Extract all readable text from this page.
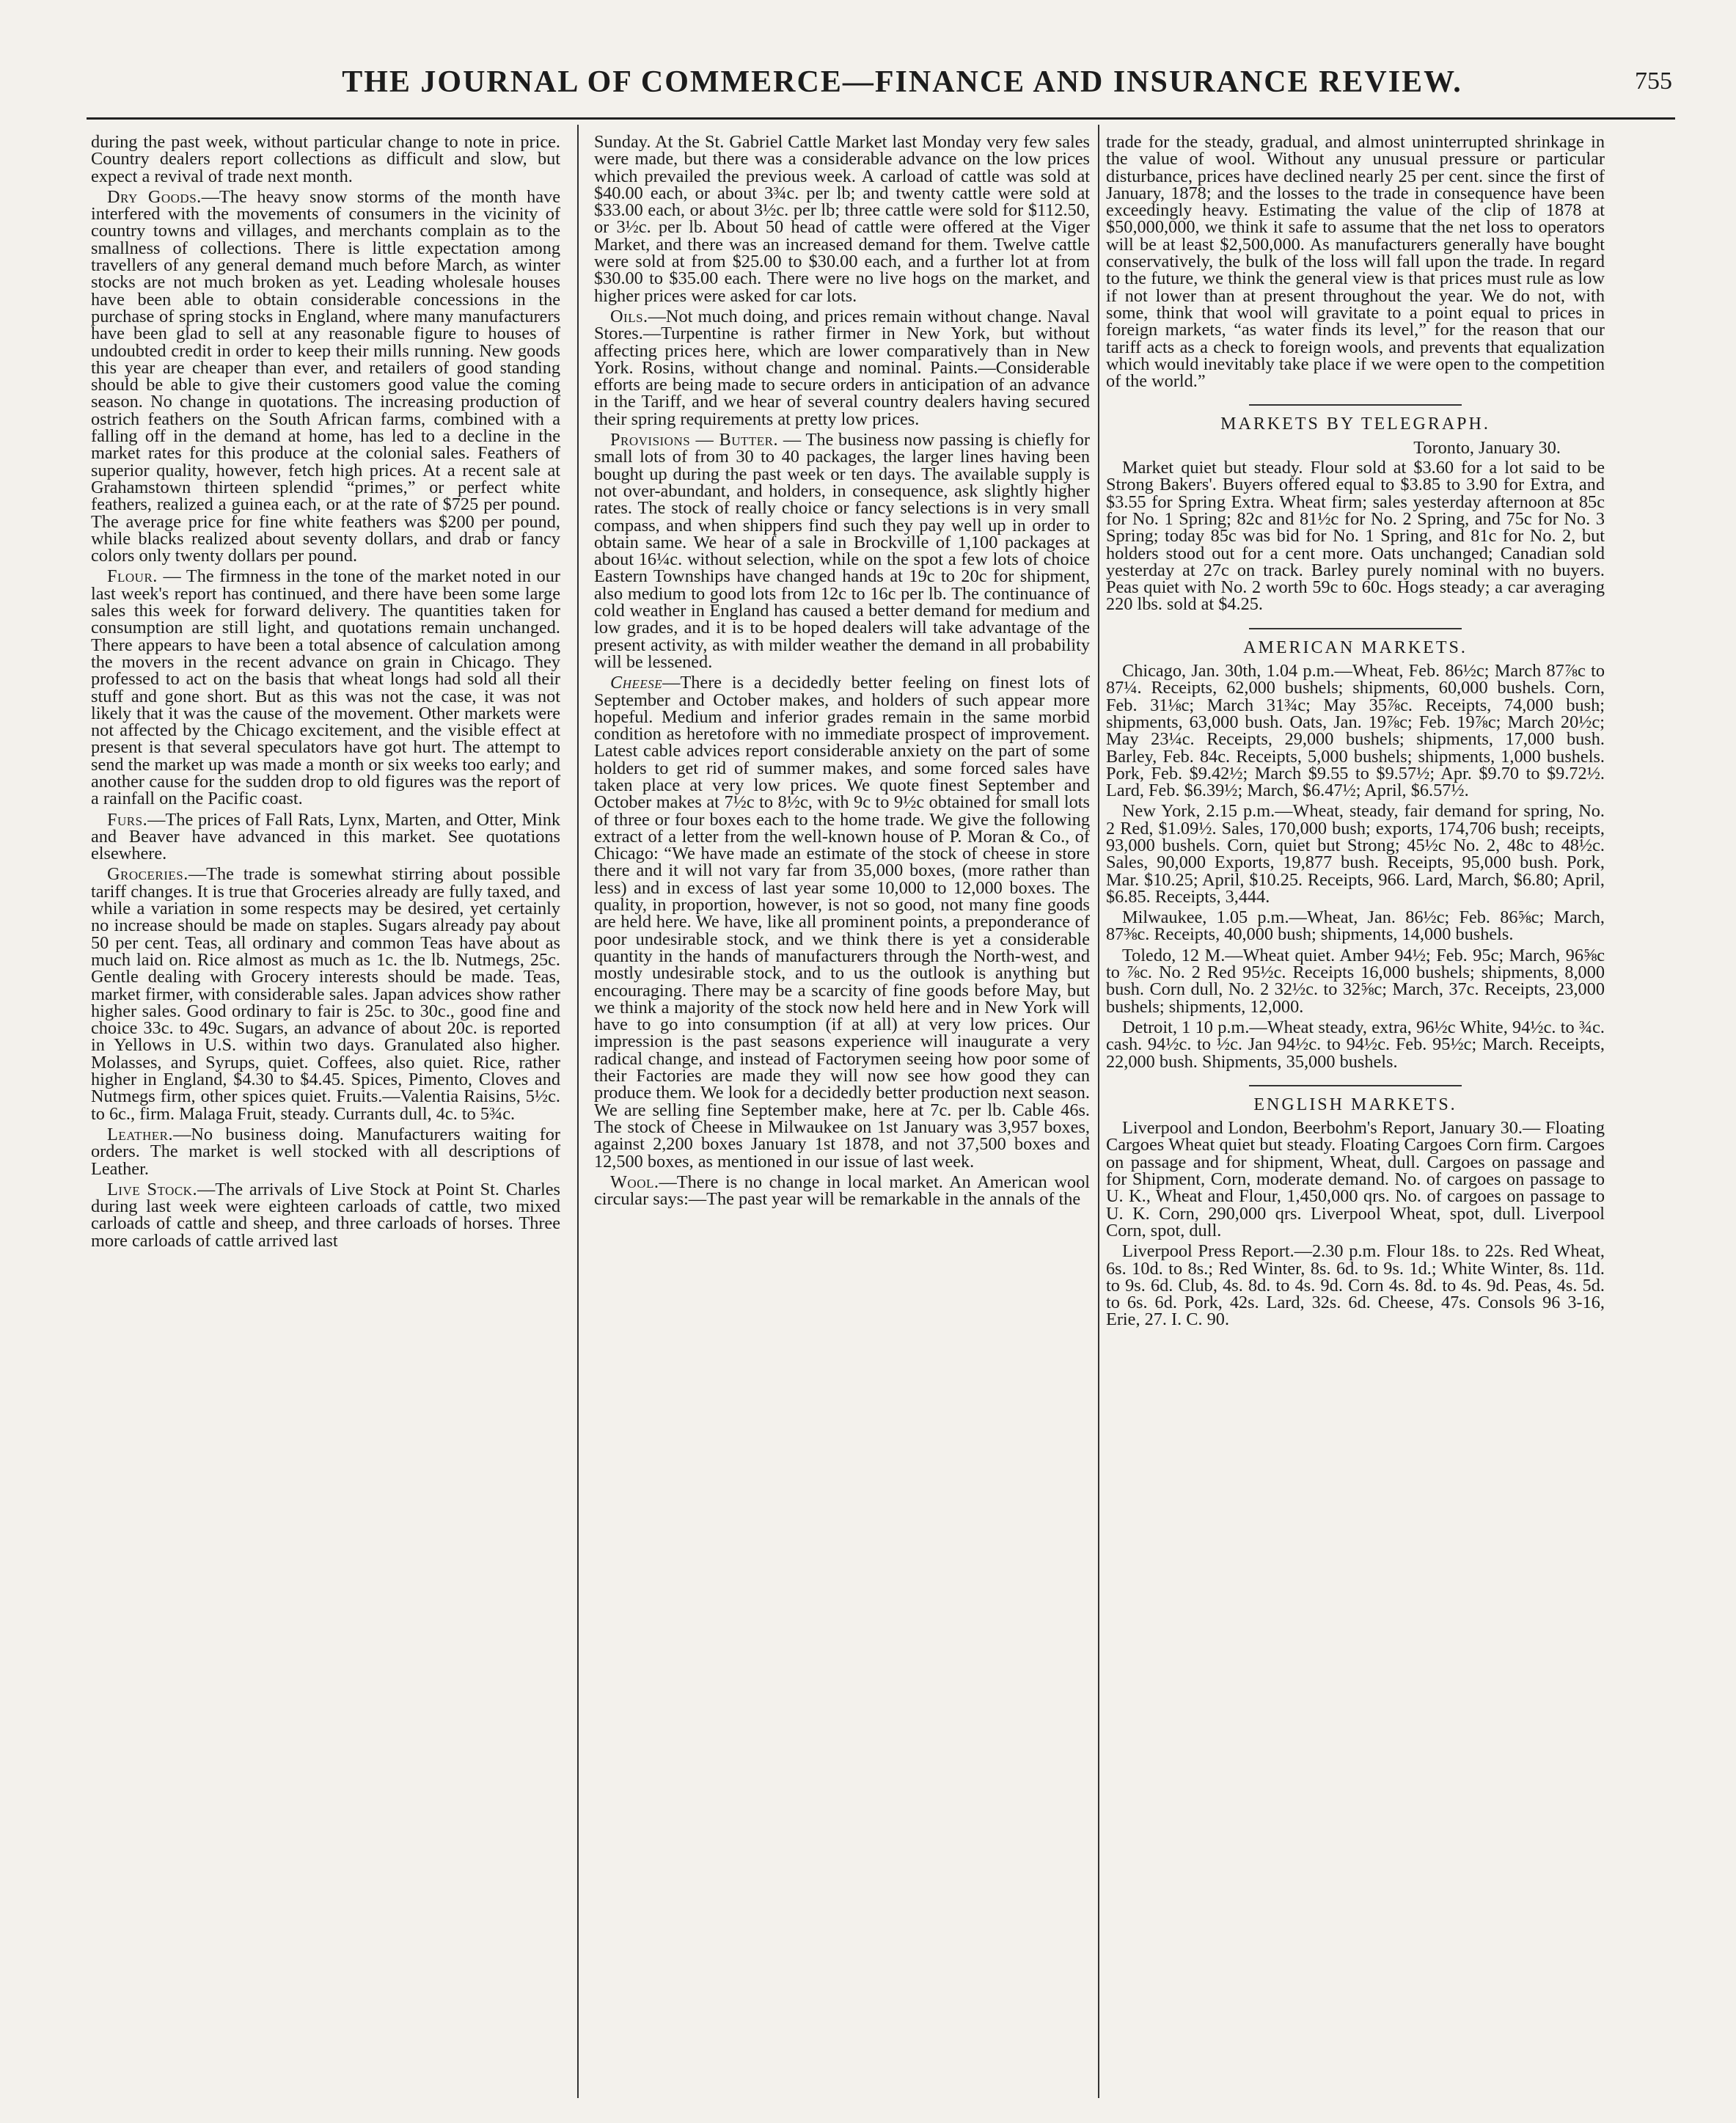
THE JOURNAL OF COMMERCE—FINANCE AND INSURANCE REVIEW.	755

during the past week, without particular change to note in price. Country dealers report collections as difficult and slow, but expect a revival of trade next month.

Dry Goods.—The heavy snow storms of the month have interfered with the movements of consumers in the vicinity of country towns and villages, and merchants complain as to the smallness of collections. There is little expectation among travellers of any general demand much before March, as winter stocks are not much broken as yet. Leading wholesale houses have been able to obtain considerable concessions in the purchase of spring stocks in England, where many manufacturers have been glad to sell at any reasonable figure to houses of undoubted credit in order to keep their mills running. New goods this year are cheaper than ever, and retailers of good standing should be able to give their customers good value the coming season. No change in quotations. The increasing production of ostrich feathers on the South African farms, combined with a falling off in the demand at home, has led to a decline in the market rates for this produce at the colonial sales. Feathers of superior quality, however, fetch high prices. At a recent sale at Grahamstown thirteen splendid “primes,” or perfect white feathers, realized a guinea each, or at the rate of $725 per pound. The average price for fine white feathers was $200 per pound, while blacks realized about seventy dollars, and drab or fancy colors only twenty dollars per pound.

Flour. — The firmness in the tone of the market noted in our last week's report has continued, and there have been some large sales this week for forward delivery. The quantities taken for consumption are still light, and quotations remain unchanged. There appears to have been a total absence of calculation among the movers in the recent advance on grain in Chicago. They professed to act on the basis that wheat longs had sold all their stuff and gone short. But as this was not the case, it was not likely that it was the cause of the movement. Other markets were not affected by the Chicago excitement, and the visible effect at present is that several speculators have got hurt. The attempt to send the market up was made a month or six weeks too early; and another cause for the sudden drop to old figures was the report of a rainfall on the Pacific coast.

Furs.—The prices of Fall Rats, Lynx, Marten, and Otter, Mink and Beaver have advanced in this market. See quotations elsewhere.

Groceries.—The trade is somewhat stirring about possible tariff changes. It is true that Groceries already are fully taxed, and while a variation in some respects may be desired, yet certainly no increase should be made on staples. Sugars already pay about 50 per cent. Teas, all ordinary and common Teas have about as much laid on. Rice almost as much as 1c. the lb. Nutmegs, 25c. Gentle dealing with Grocery interests should be made. Teas, market firmer, with considerable sales. Japan advices show rather higher sales. Good ordinary to fair is 25c. to 30c., good fine and choice 33c. to 49c. Sugars, an advance of about 20c. is reported in Yellows in U.S. within two days. Granulated also higher. Molasses, and Syrups, quiet. Coffees, also quiet. Rice, rather higher in England, $4.30 to $4.45. Spices, Pimento, Cloves and Nutmegs firm, other spices quiet. Fruits.—Valentia Raisins, 5½c. to 6c., firm. Malaga Fruit, steady. Currants dull, 4c. to 5¾c.

Leather.—No business doing. Manufacturers waiting for orders. The market is well stocked with all descriptions of Leather.

Live Stock.—The arrivals of Live Stock at Point St. Charles during last week were eighteen carloads of cattle, two mixed carloads of cattle and sheep, and three carloads of horses. Three more carloads of cattle arrived last

Sunday. At the St. Gabriel Cattle Market last Monday very few sales were made, but there was a considerable advance on the low prices which prevailed the previous week. A carload of cattle was sold at $40.00 each, or about 3¾c. per lb; and twenty cattle were sold at $33.00 each, or about 3½c. per lb; three cattle were sold for $112.50, or 3½c. per lb. About 50 head of cattle were offered at the Viger Market, and there was an increased demand for them. Twelve cattle were sold at from $25.00 to $30.00 each, and a further lot at from $30.00 to $35.00 each. There were no live hogs on the market, and higher prices were asked for car lots.

Oils.—Not much doing, and prices remain without change. Naval Stores.—Turpentine is rather firmer in New York, but without affecting prices here, which are lower comparatively than in New York. Rosins, without change and nominal. Paints.—Considerable efforts are being made to secure orders in anticipation of an advance in the Tariff, and we hear of several country dealers having secured their spring requirements at pretty low prices.

Provisions — Butter. — The business now passing is chiefly for small lots of from 30 to 40 packages, the larger lines having been bought up during the past week or ten days. The available supply is not over-abundant, and holders, in consequence, ask slightly higher rates. The stock of really choice or fancy selections is in very small compass, and when shippers find such they pay well up in order to obtain same. We hear of a sale in Brockville of 1,100 packages at about 16¼c. without selection, while on the spot a few lots of choice Eastern Townships have changed hands at 19c to 20c for shipment, also medium to good lots from 12c to 16c per lb. The continuance of cold weather in England has caused a better demand for medium and low grades, and it is to be hoped dealers will take advantage of the present activity, as with milder weather the demand in all probability will be lessened.

Cheese—There is a decidedly better feeling on finest lots of September and October makes, and holders of such appear more hopeful. Medium and inferior grades remain in the same morbid condition as heretofore with no immediate prospect of improvement. Latest cable advices report considerable anxiety on the part of some holders to get rid of summer makes, and some forced sales have taken place at very low prices. We quote finest September and October makes at 7½c to 8½c, with 9c to 9½c obtained for small lots of three or four boxes each to the home trade. We give the following extract of a letter from the well-known house of P. Moran & Co., of Chicago: “We have made an estimate of the stock of cheese in store there and it will not vary far from 35,000 boxes, (more rather than less) and in excess of last year some 10,000 to 12,000 boxes. The quality, in proportion, however, is not so good, not many fine goods are held here. We have, like all prominent points, a preponderance of poor undesirable stock, and we think there is yet a considerable quantity in the hands of manufacturers through the North-west, and mostly undesirable stock, and to us the outlook is anything but encouraging. There may be a scarcity of fine goods before May, but we think a majority of the stock now held here and in New York will have to go into consumption (if at all) at very low prices. Our impression is the past seasons experience will inaugurate a very radical change, and instead of Factorymen seeing how poor some of their Factories are made they will now see how good they can produce them. We look for a decidedly better production next season. We are selling fine September make, here at 7c. per lb. Cable 46s. The stock of Cheese in Milwaukee on 1st January was 3,957 boxes, against 2,200 boxes January 1st 1878, and not 37,500 boxes and 12,500 boxes, as mentioned in our issue of last week.

Wool.—There is no change in local market. An American wool circular says:—The past year will be remarkable in the annals of the

trade for the steady, gradual, and almost uninterrupted shrinkage in the value of wool. Without any unusual pressure or particular disturbance, prices have declined nearly 25 per cent. since the first of January, 1878; and the losses to the trade in consequence have been exceedingly heavy. Estimating the value of the clip of 1878 at $50,000,000, we think it safe to assume that the net loss to operators will be at least $2,500,000. As manufacturers generally have bought conservatively, the bulk of the loss will fall upon the trade. In regard to the future, we think the general view is that prices must rule as low if not lower than at present throughout the year. We do not, with some, think that wool will gravitate to a point equal to prices in foreign markets, “as water finds its level,” for the reason that our tariff acts as a check to foreign wools, and prevents that equalization which would inevitably take place if we were open to the competition of the world.”

MARKETS BY TELEGRAPH.
Toronto, January 30.

Market quiet but steady. Flour sold at $3.60 for a lot said to be Strong Bakers'. Buyers offered equal to $3.85 to 3.90 for Extra, and $3.55 for Spring Extra. Wheat firm; sales yesterday afternoon at 85c for No. 1 Spring; 82c and 81½c for No. 2 Spring, and 75c for No. 3 Spring; today 85c was bid for No. 1 Spring, and 81c for No. 2, but holders stood out for a cent more. Oats unchanged; Canadian sold yesterday at 27c on track. Barley purely nominal with no buyers. Peas quiet with No. 2 worth 59c to 60c. Hogs steady; a car averaging 220 lbs. sold at $4.25.

AMERICAN MARKETS.

Chicago, Jan. 30th, 1.04 p.m.—Wheat, Feb. 86½c; March 87⅞c to 87¼. Receipts, 62,000 bushels; shipments, 60,000 bushels. Corn, Feb. 31⅛c; March 31¾c; May 35⅞c. Receipts, 74,000 bush; shipments, 63,000 bush. Oats, Jan. 19⅞c; Feb. 19⅞c; March 20½c; May 23¼c. Receipts, 29,000 bushels; shipments, 17,000 bush. Barley, Feb. 84c. Receipts, 5,000 bushels; shipments, 1,000 bushels. Pork, Feb. $9.42½; March $9.55 to $9.57½; Apr. $9.70 to $9.72½. Lard, Feb. $6.39½; March, $6.47½; April, $6.57½.

New York, 2.15 p.m.—Wheat, steady, fair demand for spring, No. 2 Red, $1.09½. Sales, 170,000 bush; exports, 174,706 bush; receipts, 93,000 bushels. Corn, quiet but Strong; 45½c No. 2, 48c to 48½c. Sales, 90,000 Exports, 19,877 bush. Receipts, 95,000 bush. Pork, Mar. $10.25; April, $10.25. Receipts, 966. Lard, March, $6.80; April, $6.85. Receipts, 3,444.

Milwaukee, 1.05 p.m.—Wheat, Jan. 86½c; Feb. 86⅝c; March, 87⅜c. Receipts, 40,000 bush; shipments, 14,000 bushels.

Toledo, 12 M.—Wheat quiet. Amber 94½; Feb. 95c; March, 96⅝c to ⅞c. No. 2 Red 95½c. Receipts 16,000 bushels; shipments, 8,000 bush. Corn dull, No. 2 32½c. to 32⅝c; March, 37c. Receipts, 23,000 bushels; shipments, 12,000.

Detroit, 1 10 p.m.—Wheat steady, extra, 96½c White, 94½c. to ¾c. cash. 94½c. to ½c. Jan 94½c. to 94½c. Feb. 95½c; March. Receipts, 22,000 bush. Shipments, 35,000 bushels.

ENGLISH MARKETS.

Liverpool and London, Beerbohm's Report, January 30.— Floating Cargoes Wheat quiet but steady. Floating Cargoes Corn firm. Cargoes on passage and for shipment, Wheat, dull. Cargoes on passage and for Shipment, Corn, moderate demand. No. of cargoes on passage to U. K., Wheat and Flour, 1,450,000 qrs. No. of cargoes on passage to U. K. Corn, 290,000 qrs. Liverpool Wheat, spot, dull. Liverpool Corn, spot, dull.

Liverpool Press Report.—2.30 p.m. Flour 18s. to 22s. Red Wheat, 6s. 10d. to 8s.; Red Winter, 8s. 6d. to 9s. 1d.; White Winter, 8s. 11d. to 9s. 6d. Club, 4s. 8d. to 4s. 9d. Corn 4s. 8d. to 4s. 9d. Peas, 4s. 5d. to 6s. 6d. Pork, 42s. Lard, 32s. 6d. Cheese, 47s. Consols 96 3-16, Erie, 27. I. C. 90.
